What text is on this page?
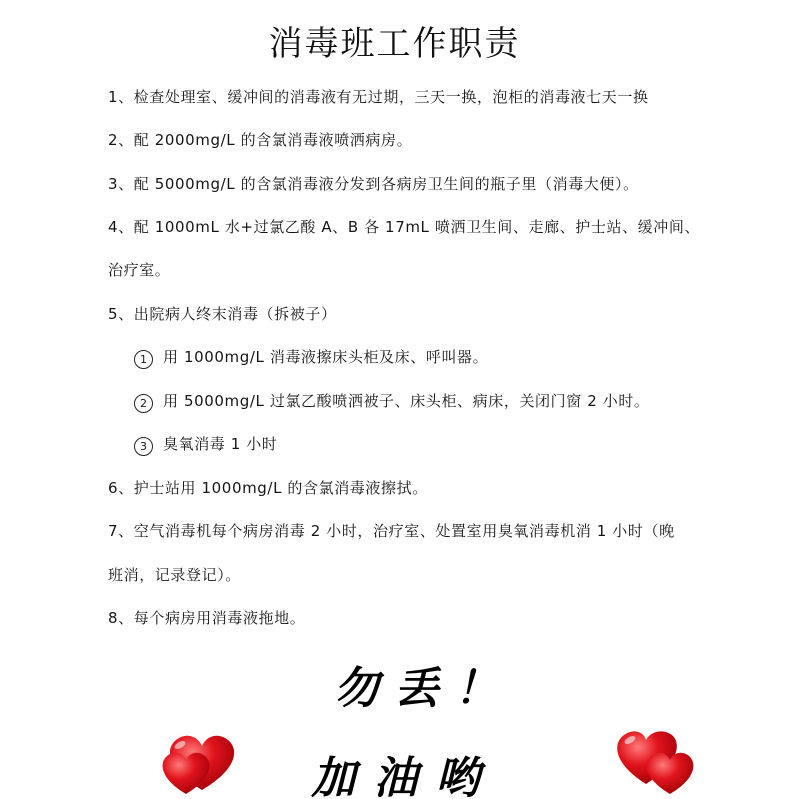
消毒班工作职责
1、检查处理室、缓冲间的消毒液有无过期，三天一换，泡柜的消毒液七天一换
2、配 2000mg/L 的含氯消毒液喷洒病房。
3、配 5000mg/L 的含氯消毒液分发到各病房卫生间的瓶子里（消毒大便）。
4、配 1000mL 水+过氯乙酸 A、B 各 17mL 喷洒卫生间、走廊、护士站、缓冲间、
治疗室。
5、出院病人终末消毒（拆被子）
1 用 1000mg/L 消毒液擦床头柜及床、呼叫器。
2 用 5000mg/L 过氯乙酸喷洒被子、床头柜、病床，关闭门窗 2 小时。
3 臭氧消毒 1 小时
6、护士站用 1000mg/L 的含氯消毒液擦拭。
7、空气消毒机每个病房消毒 2 小时，治疗室、处置室用臭氧消毒机消 1 小时（晚
班消，记录登记）。
8、每个病房用消毒液拖地。
勿丢！
加油哟
